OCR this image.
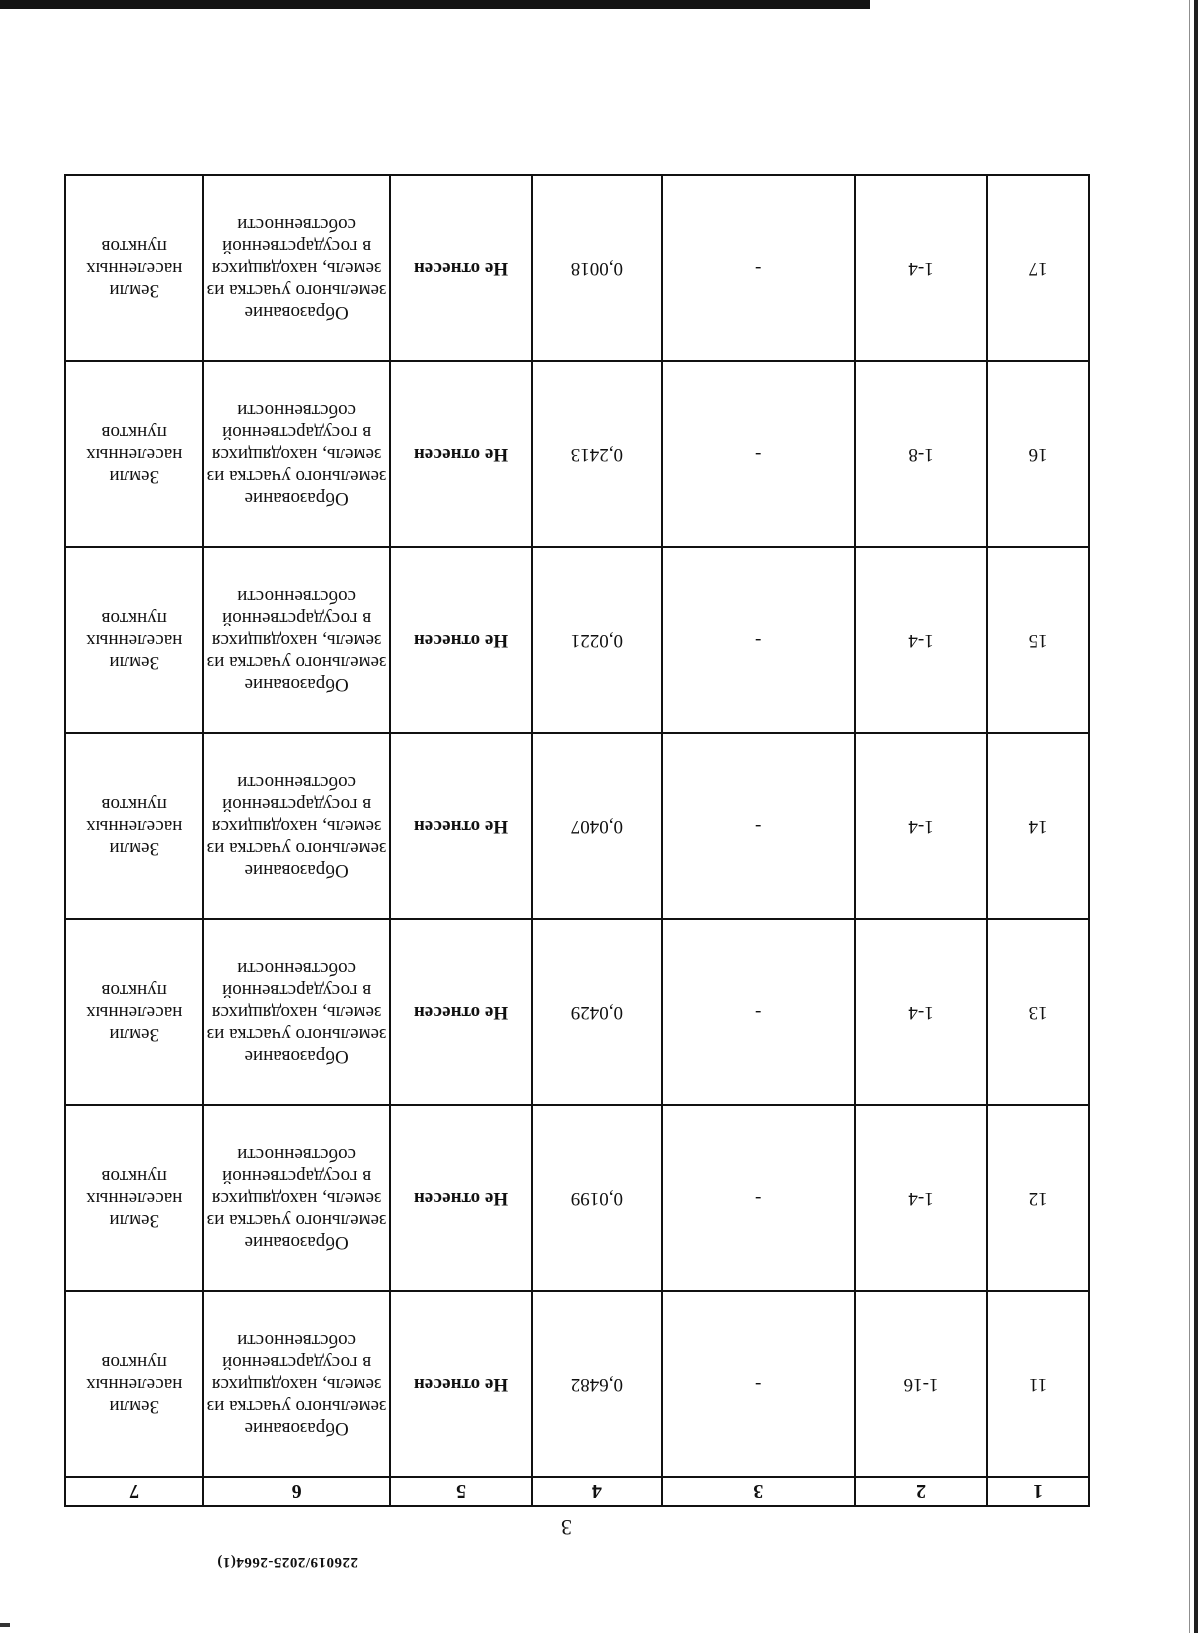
226019/2025-2664(1)
3
1	2	3	4	5	6	7
11	1-16	-	0,6482	Не отнесен	Образование земельного участка из земель, находящихся в государственной собственности	Земли населенных пунктов
12	1-4	-	0,0199	Не отнесен	Образование земельного участка из земель, находящихся в государственной собственности	Земли населенных пунктов
13	1-4	-	0,0429	Не отнесен	Образование земельного участка из земель, находящихся в государственной собственности	Земли населенных пунктов
14	1-4	-	0,0407	Не отнесен	Образование земельного участка из земель, находящихся в государственной собственности	Земли населенных пунктов
15	1-4	-	0,0221	Не отнесен	Образование земельного участка из земель, находящихся в государственной собственности	Земли населенных пунктов
16	1-8	-	0,2413	Не отнесен	Образование земельного участка из земель, находящихся в государственной собственности	Земли населенных пунктов
17	1-4	-	0,0018	Не отнесен	Образование земельного участка из земель, находящихся в государственной собственности	Земли населенных пунктов
